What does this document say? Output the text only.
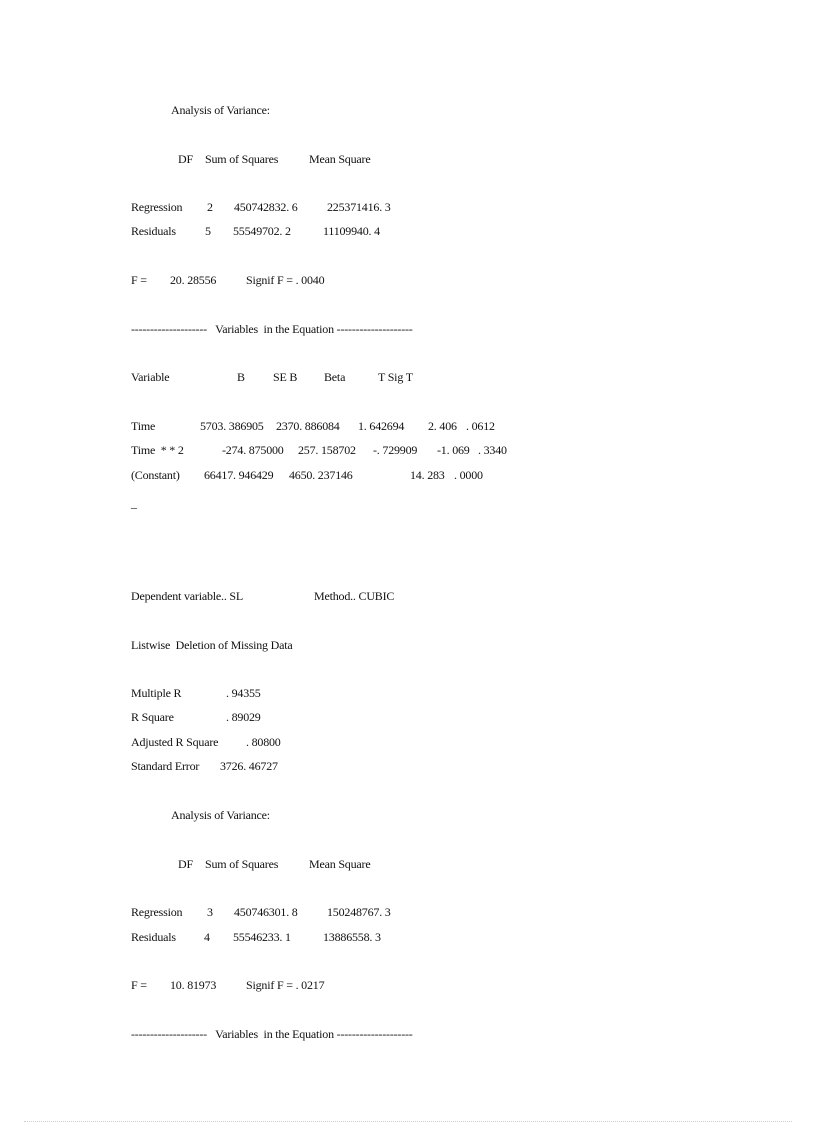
Analysis of Variance:
DF Sum of Squares	Mean Square
Regression 2 450742832. 6 225371416. 3
Residuals 5 55549702. 2	11109940. 4
F = 20. 28556 Signif F = . 0040
--------------------   Variables  in the Equation --------------------
Variable	B SE B Beta	T Sig T
Time	5703. 386905 2370. 886084 1. 642694 2. 406 . 0612
Time  * * 2	-274. 875000 257. 158702 -. 729909 -1. 069 . 3340
(Constant) 66417. 946429 4650. 237146	14. 283 . 0000
_
Dependent variable.. SL	Method.. CUBIC
Listwise  Deletion of Missing Data
Multiple R	. 94355
R Square	. 89029
Adjusted R Square . 80800
Standard Error 3726. 46727
Analysis of Variance:
DF Sum of Squares	Mean Square
Regression 3 450746301. 8 150248767. 3
Residuals 4 55546233. 1	13886558. 3
F = 10. 81973 Signif F = . 0217
--------------------   Variables  in the Equation --------------------
